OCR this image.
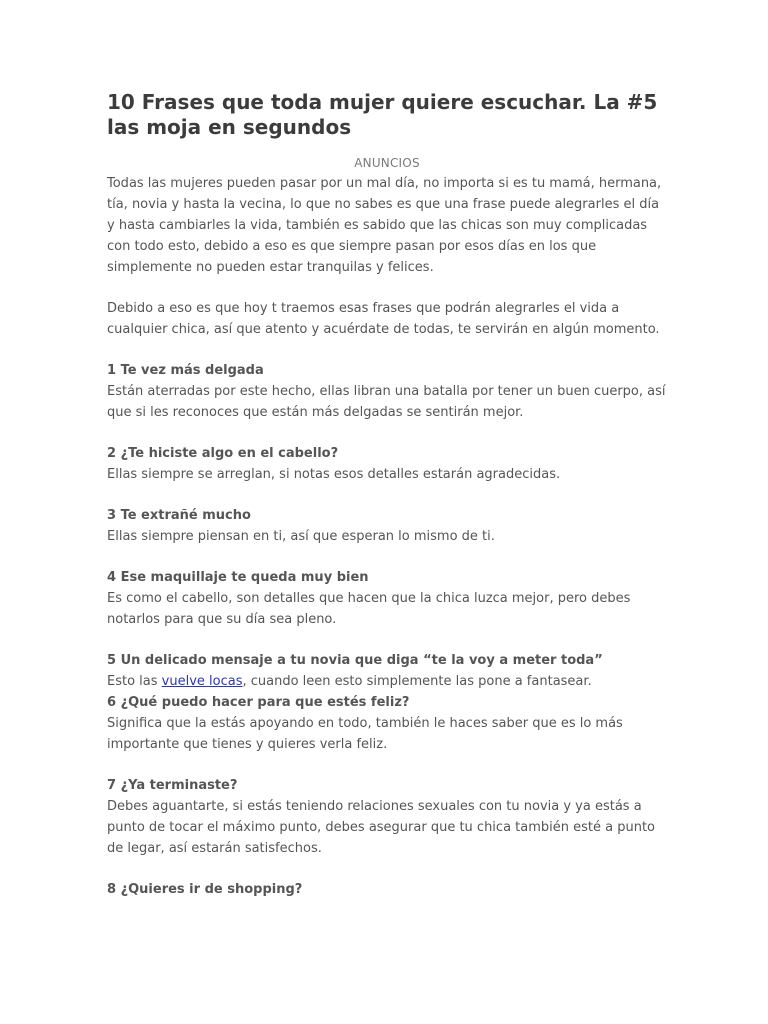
10 Frases que toda mujer quiere escuchar. La #5 las moja en segundos
ANUNCIOS

Todas las mujeres pueden pasar por un mal día, no importa si es tu mamá, hermana, tía, novia y hasta la vecina, lo que no sabes es que una frase puede alegrarles el día y hasta cambiarles la vida, también es sabido que las chicas son muy complicadas con todo esto, debido a eso es que siempre pasan por esos días en los que simplemente no pueden estar tranquilas y felices.

Debido a eso es que hoy t traemos esas frases que podrán alegrarles el vida a cualquier chica, así que atento y acuérdate de todas, te servirán en algún momento.

1 Te vez más delgada

Están aterradas por este hecho, ellas libran una batalla por tener un buen cuerpo, así que si les reconoces que están más delgadas se sentirán mejor.

2 ¿Te hiciste algo en el cabello?

Ellas siempre se arreglan, si notas esos detalles estarán agradecidas.

3 Te extrañé mucho

Ellas siempre piensan en ti, así que esperan lo mismo de ti.

4 Ese maquillaje te queda muy bien

Es como el cabello, son detalles que hacen que la chica luzca mejor, pero debes notarlos para que su día sea pleno.

5 Un delicado mensaje a tu novia que diga “te la voy a meter toda”

Esto las vuelve locas, cuando leen esto simplemente las pone a fantasear.

6 ¿Qué puedo hacer para que estés feliz?

Significa que la estás apoyando en todo, también le haces saber que es lo más importante que tienes y quieres verla feliz.

7 ¿Ya terminaste?

Debes aguantarte, si estás teniendo relaciones sexuales con tu novia y ya estás a punto de tocar el máximo punto, debes asegurar que tu chica también esté a punto de legar, así estarán satisfechos.

8 ¿Quieres ir de shopping?
